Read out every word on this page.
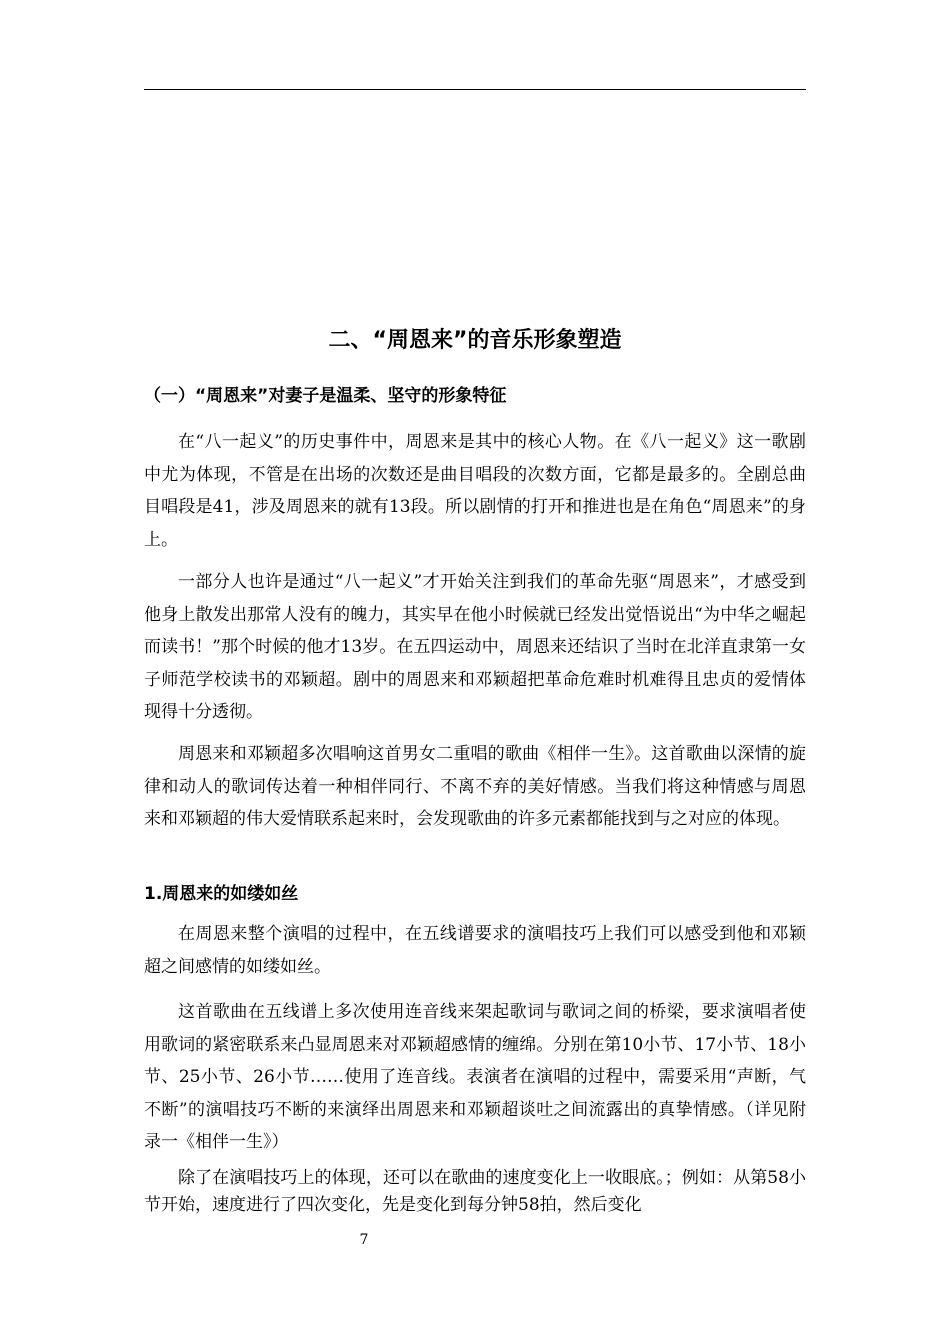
二、“周恩来”的音乐形象塑造
（一）“周恩来”对妻子是温柔、坚守的形象特征

在“八一起义”的历史事件中，周恩来是其中的核心人物。在《八一起义》这一歌剧中尤为体现，不管是在出场的次数还是曲目唱段的次数方面，它都是最多的。全剧总曲目唱段是41，涉及周恩来的就有13段。所以剧情的打开和推进也是在角色“周恩来”的身上。

一部分人也许是通过“八一起义”才开始关注到我们的革命先驱“周恩来”，才感受到他身上散发出那常人没有的魄力，其实早在他小时候就已经发出觉悟说出“为中华之崛起而读书！”那个时候的他才13岁。在五四运动中，周恩来还结识了当时在北洋直隶第一女子师范学校读书的邓颖超。剧中的周恩来和邓颖超把革命危难时机难得且忠贞的爱情体现得十分透彻。

周恩来和邓颖超多次唱响这首男女二重唱的歌曲《相伴一生》。这首歌曲以深情的旋律和动人的歌词传达着一种相伴同行、不离不弃的美好情感。当我们将这种情感与周恩来和邓颖超的伟大爱情联系起来时，会发现歌曲的许多元素都能找到与之对应的体现。

1.周恩来的如缕如丝

在周恩来整个演唱的过程中，在五线谱要求的演唱技巧上我们可以感受到他和邓颖超之间感情的如缕如丝。

这首歌曲在五线谱上多次使用连音线来架起歌词与歌词之间的桥梁，要求演唱者使用歌词的紧密联系来凸显周恩来对邓颖超感情的缠绵。分别在第10小节、17小节、18小节、25小节、26小节……使用了连音线。表演者在演唱的过程中，需要采用“声断，气不断”的演唱技巧不断的来演绎出周恩来和邓颖超谈吐之间流露出的真挚情感。（详见附录一《相伴一生》）

除了在演唱技巧上的体现，还可以在歌曲的速度变化上一收眼底。；例如：从第58小节开始，速度进行了四次变化，先是变化到每分钟58拍，然后变化

7
